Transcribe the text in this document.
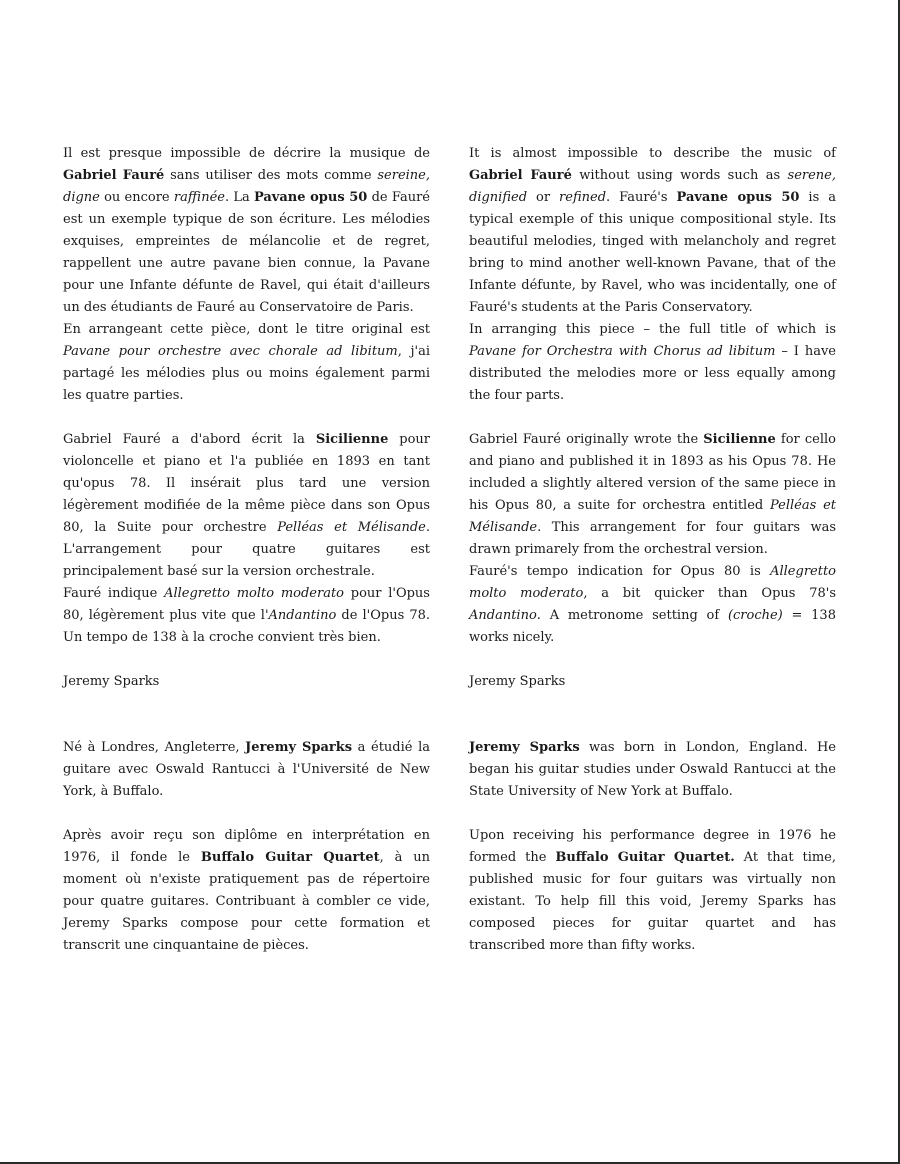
Il est presque impossible de décrire la musique de Gabriel Fauré sans utiliser des mots comme sereine, digne ou encore raffinée. La Pavane opus 50 de Fauré est un exemple typique de son écriture. Les mélodies exquises, empreintes de mélancolie et de regret, rappellent une autre pavane bien connue, la Pavane pour une Infante défunte de Ravel, qui était d'ailleurs un des étudiants de Fauré au Conservatoire de Paris.

En arrangeant cette pièce, dont le titre original est Pavane pour orchestre avec chorale ad libitum, j'ai partagé les mélodies plus ou moins également parmi les quatre parties.

Gabriel Fauré a d'abord écrit la Sicilienne pour violoncelle et piano et l'a publiée en 1893 en tant qu'opus 78. Il insérait plus tard une version légèrement modifiée de la même pièce dans son Opus 80, la Suite pour orchestre Pelléas et Mélisande. L'arrangement pour quatre guitares est principalement basé sur la version orchestrale.

Fauré indique Allegretto molto moderato pour l'Opus 80, légèrement plus vite que l'Andantino de l'Opus 78. Un tempo de 138 à la croche convient très bien.

Jeremy Sparks

Né à Londres, Angleterre, Jeremy Sparks a étudié la guitare avec Oswald Rantucci à l'Université de New York, à Buffalo.

Après avoir reçu son diplôme en interprétation en 1976, il fonde le Buffalo Guitar Quartet, à un moment où n'existe pratiquement pas de répertoire pour quatre guitares. Contribuant à combler ce vide, Jeremy Sparks compose pour cette formation et transcrit une cinquantaine de pièces.

It is almost impossible to describe the music of Gabriel Fauré without using words such as serene, dignified or refined. Fauré's Pavane opus 50 is a typical exemple of this unique compositional style. Its beautiful melodies, tinged with melancholy and regret bring to mind another well-known Pavane, that of the Infante défunte, by Ravel, who was incidentally, one of Fauré's students at the Paris Conservatory.

In arranging this piece – the full title of which is Pavane for Orchestra with Chorus ad libitum – I have distributed the melodies more or less equally among the four parts.

Gabriel Fauré originally wrote the Sicilienne for cello and piano and published it in 1893 as his Opus 78. He included a slightly altered version of the same piece in his Opus 80, a suite for orchestra entitled Pelléas et Mélisande. This arrangement for four guitars was drawn primarely from the orchestral version.

Fauré's tempo indication for Opus 80 is Allegretto molto moderato, a bit quicker than Opus 78's Andantino. A metronome setting of (croche) = 138 works nicely.

Jeremy Sparks

Jeremy Sparks was born in London, England. He began his guitar studies under Oswald Rantucci at the State University of New York at Buffalo.

Upon receiving his performance degree in 1976 he formed the Buffalo Guitar Quartet. At that time, published music for four guitars was virtually non existant. To help fill this void, Jeremy Sparks has composed pieces for guitar quartet and has transcribed more than fifty works.
